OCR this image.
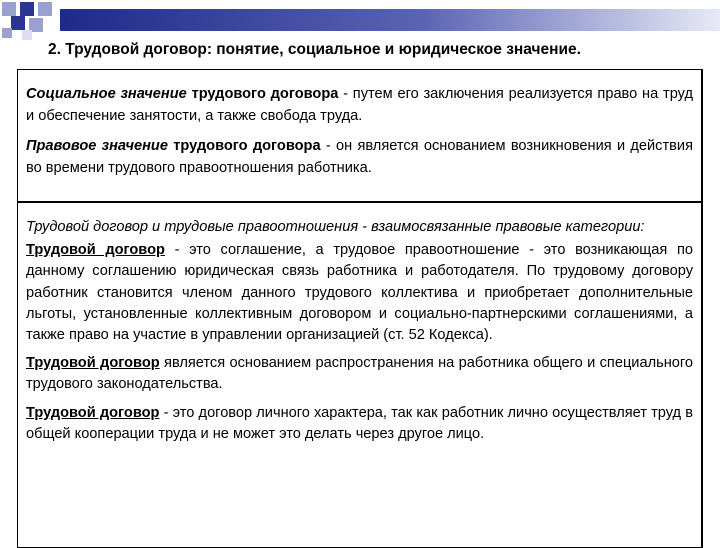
2. Трудовой договор: понятие, социальное и юридическое значение.

Социальное значение трудового договора - путем его заключения реализуется право на труд и обеспечение занятости, а также свобода труда.

Правовое значение трудового договора - он является основанием возникновения и действия во времени трудового правоотношения работника.

Трудовой договор и трудовые правоотношения - взаимосвязанные правовые категории:

Трудовой договор - это соглашение, а трудовое правоотношение - это возникающая по данному соглашению юридическая связь работника и работодателя. По трудовому договору работник становится членом данного трудового коллектива и приобретает дополнительные льготы, установленные коллективным договором и социально-партнерскими соглашениями, а также право на участие в управлении организацией (ст. 52 Кодекса).

Трудовой договор является основанием распространения на работника общего и специального трудового законодательства.

Трудовой договор - это договор личного характера, так как работник лично осуществляет труд в общей кооперации труда и не может это делать через другое лицо.
